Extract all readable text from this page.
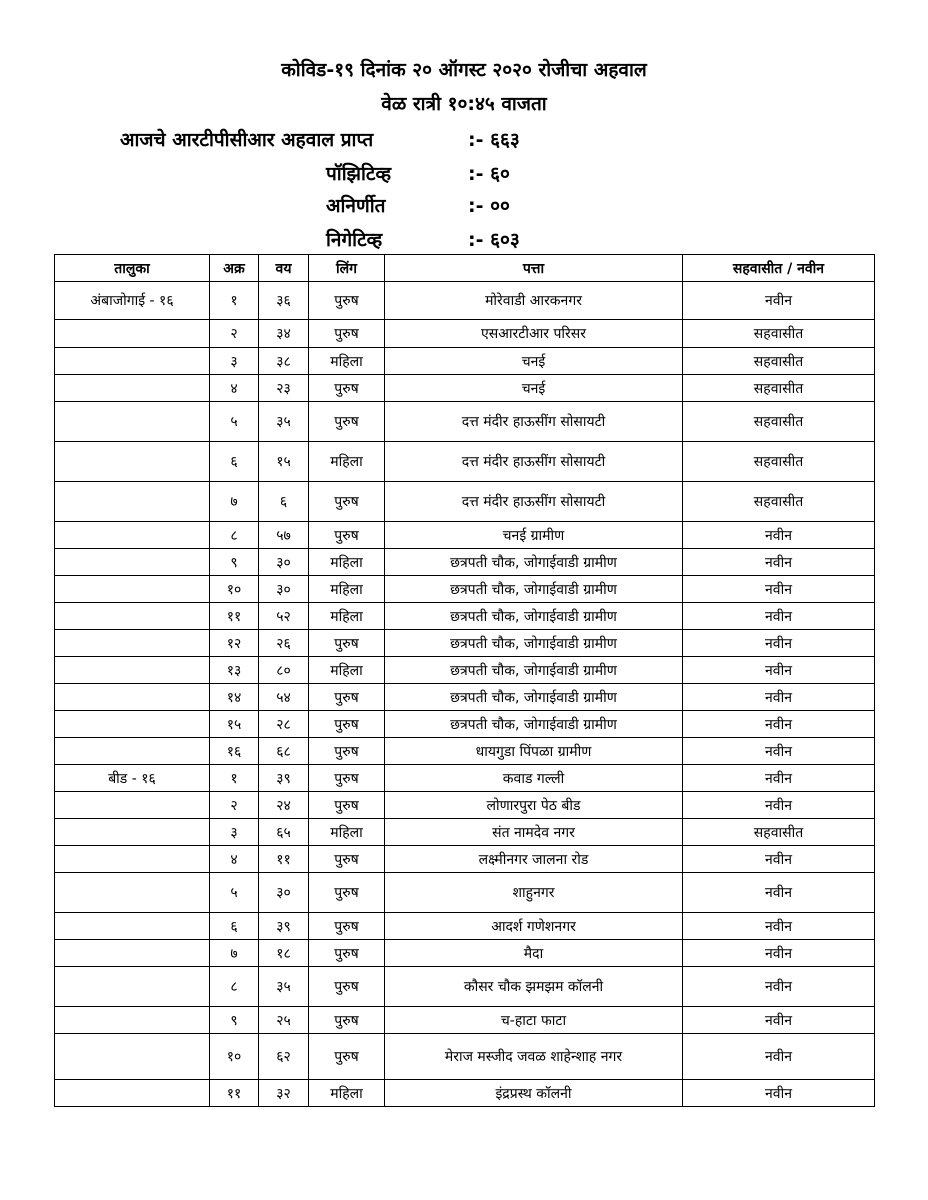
कोविड-१९ दिनांक २० ऑगस्ट २०२० रोजीचा अहवाल
वेळ रात्री १०:४५ वाजता
आजचे आरटीपीसीआर अहवाल प्राप्त	:- ६६३
पॉझिटिव्ह	:- ६०
अनिर्णीत	:- ००
निगेटिव्ह	:- ६०३
तालुका	अक्र	वय	लिंग	पत्ता	सहवासीत / नवीन
अंबाजोगाई - १६	१	३६	पुरुष	मोरेवाडी आरकनगर	नवीन
	२	३४	पुरुष	एसआरटीआर परिसर	सहवासीत
	३	३८	महिला	चनई	सहवासीत
	४	२३	पुरुष	चनई	सहवासीत
	५	३५	पुरुष	दत्त मंदीर हाऊसींग सोसायटी	सहवासीत
	६	१५	महिला	दत्त मंदीर हाऊसींग सोसायटी	सहवासीत
	७	६	पुरुष	दत्त मंदीर हाऊसींग सोसायटी	सहवासीत
	८	५७	पुरुष	चनई ग्रामीण	नवीन
	९	३०	महिला	छत्रपती चौक, जोगाईवाडी ग्रामीण	नवीन
	१०	३०	महिला	छत्रपती चौक, जोगाईवाडी ग्रामीण	नवीन
	११	५२	महिला	छत्रपती चौक, जोगाईवाडी ग्रामीण	नवीन
	१२	२६	पुरुष	छत्रपती चौक, जोगाईवाडी ग्रामीण	नवीन
	१३	८०	महिला	छत्रपती चौक, जोगाईवाडी ग्रामीण	नवीन
	१४	५४	पुरुष	छत्रपती चौक, जोगाईवाडी ग्रामीण	नवीन
	१५	२८	पुरुष	छत्रपती चौक, जोगाईवाडी ग्रामीण	नवीन
	१६	६८	पुरुष	धायगुडा पिंपळा ग्रामीण	नवीन
बीड - १६	१	३९	पुरुष	कवाड गल्ली	नवीन
	२	२४	पुरुष	लोणारपुरा पेठ बीड	नवीन
	३	६५	महिला	संत नामदेव नगर	सहवासीत
	४	११	पुरुष	लक्ष्मीनगर जालना रोड	नवीन
	५	३०	पुरुष	शाहुनगर	नवीन
	६	३९	पुरुष	आदर्श गणेशनगर	नवीन
	७	१८	पुरुष	मैदा	नवीन
	८	३५	पुरुष	कौसर चौक झमझम कॉलनी	नवीन
	९	२५	पुरुष	च-हाटा फाटा	नवीन
	१०	६२	पुरुष	मेराज मस्जीद जवळ शाहेन्शाह नगर	नवीन
	११	३२	महिला	इंद्रप्रस्थ कॉलनी	नवीन
